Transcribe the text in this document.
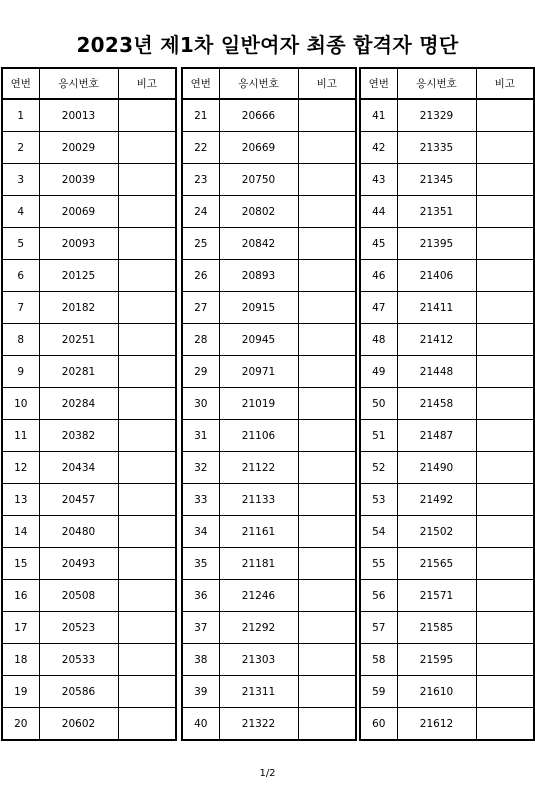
2023년 제1차 일반여자 최종 합격자 명단
연번	응시번호	비고
1	20013	
2	20029	
3	20039	
4	20069	
5	20093	
6	20125	
7	20182	
8	20251	
9	20281	
10	20284	
11	20382	
12	20434	
13	20457	
14	20480	
15	20493	
16	20508	
17	20523	
18	20533	
19	20586	
20	20602	
연번	응시번호	비고
21	20666	
22	20669	
23	20750	
24	20802	
25	20842	
26	20893	
27	20915	
28	20945	
29	20971	
30	21019	
31	21106	
32	21122	
33	21133	
34	21161	
35	21181	
36	21246	
37	21292	
38	21303	
39	21311	
40	21322	
연번	응시번호	비고
41	21329	
42	21335	
43	21345	
44	21351	
45	21395	
46	21406	
47	21411	
48	21412	
49	21448	
50	21458	
51	21487	
52	21490	
53	21492	
54	21502	
55	21565	
56	21571	
57	21585	
58	21595	
59	21610	
60	21612	
1/2
